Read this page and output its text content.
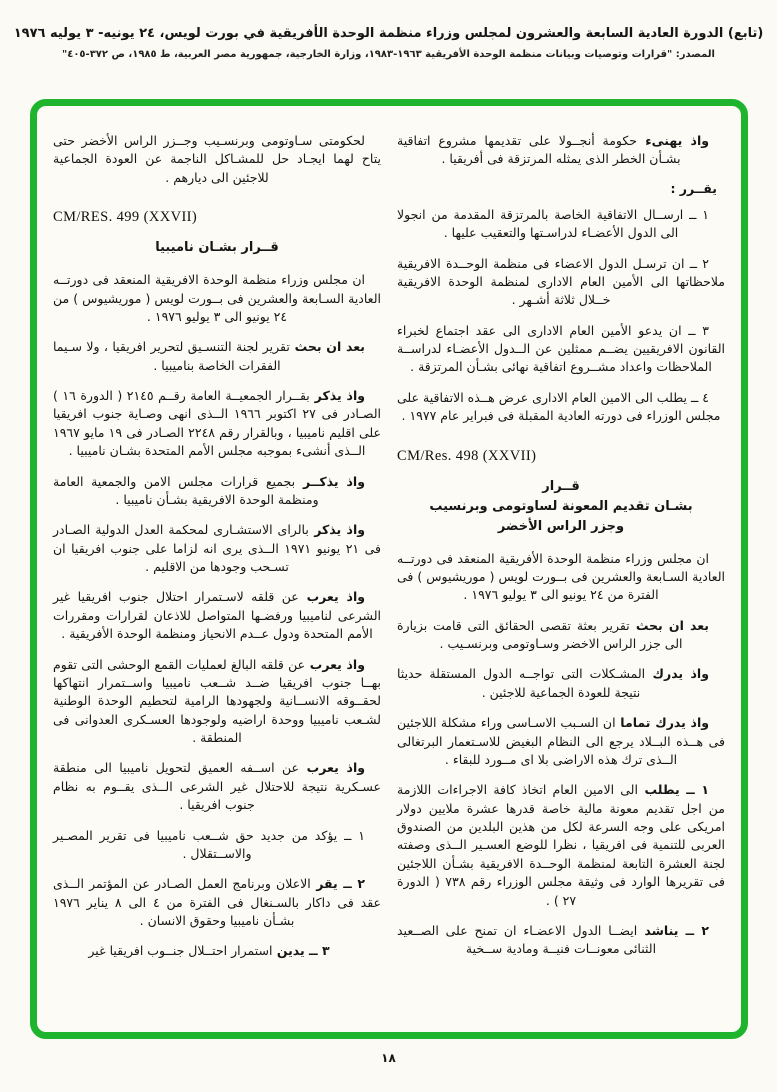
(تابع) الدورة العادية السابعة والعشرون لمجلس وزراء منظمة الوحدة الأفريقية في بورت لويس، ٢٤ يونيه- ٣ يوليه ١٩٧٦
المصدر: "قرارات وتوصيات وبيانات منظمة الوحدة الأفريقية ١٩٦٣-١٩٨٣، وزارة الخارجية، جمهورية مصر العربية، ط ١٩٨٥، ص ٣٧٢-٤٠٥"
واذ يهنىء حكومة أنجــولا على تقديمها مشروع اتفاقية بشـأن الخطر الذى يمثله المرتزقة فى أفريقيا .
يقــرر :
١ ــ ارســال الاتفاقية الخاصة بالمرتزقة المقدمة من انجولا الى الدول الأعضـاء لدراسـتها والتعقيب عليها .
٢ ــ ان ترسـل الدول الاعضاء فى منظمة الوحــدة الافريقية ملاحظاتها الى الأمين العام الادارى لمنظمة الوحدة الافريقية خــلال ثلاثة أشـهر .
٣ ــ ان يدعو الأمين العام الادارى الى عقد اجتماع لخبراء القانون الافريقيين يضــم ممثلين عن الــدول الأعضـاء لدراســة الملاحظات واعداد مشــروع اتفاقية نهائى بشـأن المرتزقة .
٤ ــ يطلب الى الامين العام الادارى عرض هــذه الاتفاقية على مجلس الوزراء فى دورته العادية المقبلة فى فبراير عام ١٩٧٧ .
CM/Res. 498 (XXVII)
قــرار
بشـان تقديم المعونة لساوتومى وبرنسيب
وجزر الراس الأخضر
ان مجلس وزراء منظمة الوحدة الأفريقية المنعقد فى دورتــه العادية السـابعة والعشرين فى بــورت لويس ( موريشيوس ) فى الفترة من ٢٤ يونيو الى ٣ يوليو ١٩٧٦ .
بعد ان بحث تقرير بعثة تقصى الحقائق التى قامت بزيارة الى جزر الراس الاخضر وسـاوتومى وبرنسـيب .
واذ يدرك المشـكلات التى تواجــه الدول المستقلة حديثا نتيجة للعودة الجماعية للاجئين .
واذ يدرك تماما ان السـبب الاسـاسى وراء مشكلة اللاجئين فى هــذه البــلاد يرجع الى النظام البغيض للاسـتعمار البرتغالى الــذى ترك هذه الاراضى بلا اى مــورد للبقاء .
١ ــ يطلب الى الامين العام اتخاذ كافة الاجراءات اللازمة من اجل تقديم معونة مالية خاصة قدرها عشرة ملايين دولار امريكى على وجه السرعة لكل من هذين البلدين من الصندوق العربى للتنمية فى افريقيا ، نظرا للوضع العسـير الــذى وصفته لجنة العشرة التابعة لمنظمة الوحــدة الافريقية بشـأن اللاجئين فى تقريرها الوارد فى وثيقة مجلس الوزراء رقم ٧٣٨ ( الدورة ٢٧ ) .
٢ ــ يناشد ايضــا الدول الاعضـاء ان تمنح على الصــعيد الثنائى معونــات فنيــة ومادية ســخية
لحكومتى سـاوتومى وبرنسـيب وجــزر الراس الأخضر حتى يتاح لهما ايجـاد حل للمشـاكل الناجمة عن العودة الجماعية للاجئين الى ديارهم .
CM/RES. 499 (XXVII)
قــرار بشـان ناميبيا
ان مجلس وزراء منظمة الوحدة الافريقية المنعقد فى دورتــه العادية السـابعة والعشرين فى بــورت لويس ( موريشيوس ) من ٢٤ يونيو الى ٣ يوليو ١٩٧٦ .
بعد ان بحث تقرير لجنة التنسـيق لتحرير افريقيا ، ولا سـيما الفقرات الخاصة بناميبيا .
واذ يذكر بقــرار الجمعيــة العامة رقــم ٢١٤٥ ( الدورة ١٦ ) الصـادر فى ٢٧ اكتوبر ١٩٦٦ الــذى انهى وصـاية جنوب افريقيا على اقليم ناميبيا ، وبالقرار رقم ٢٢٤٨ الصـادر فى ١٩ مايو ١٩٦٧ الــذى أنشىء بموجبه مجلس الأمم المتحدة بشـان ناميبيا .
واذ يذكــر بجميع قرارات مجلس الامن والجمعية العامة ومنظمة الوحدة الافريقية بشـأن ناميبيا .
واذ يذكر بالراى الاستشـارى لمحكمة العدل الدولية الصـادر فى ٢١ يونيو ١٩٧١ الــذى يرى انه لزاما على جنوب افريقيا ان تسـحب وجودها من الاقليم .
واذ يعرب عن قلقه لاسـتمرار احتلال جنوب افريقيا غير الشرعى لناميبيا ورفضـها المتواصل للاذعان لقرارات ومقررات الأمم المتحدة ودول عــدم الانحياز ومنظمة الوحدة الأفريقية .
واذ يعرب عن قلقه البالغ لعمليات القمع الوحشى التى تقوم بهــا جنوب افريقيا ضــد شــعب ناميبيا واســتمرار انتهاكها لحقــوقه الانســانية ولجهودها الرامية لتحطيم الوحدة الوطنية لشـعب ناميبيا ووحدة اراضيه ولوجودها العسـكرى العدوانى فى المنطقة .
واذ يعرب عن اســفه العميق لتحويل ناميبيا الى منطقة عسـكرية نتيجة للاحتلال غير الشرعى الــذى يقــوم به نظام جنوب افريقيا .
١ ــ يؤكد من جديد حق شــعب ناميبيا فى تقرير المصـير والاســتقلال .
٢ ــ يقر الاعلان وبرنامج العمل الصـادر عن المؤتمر الــذى عقد فى داكار بالسـنغال فى الفترة من ٤ الى ٨ يناير ١٩٧٦ بشـأن ناميبيا وحقوق الانسان .
٣ ــ يدين استمرار احتــلال جنــوب افريقيا غير
١٨
